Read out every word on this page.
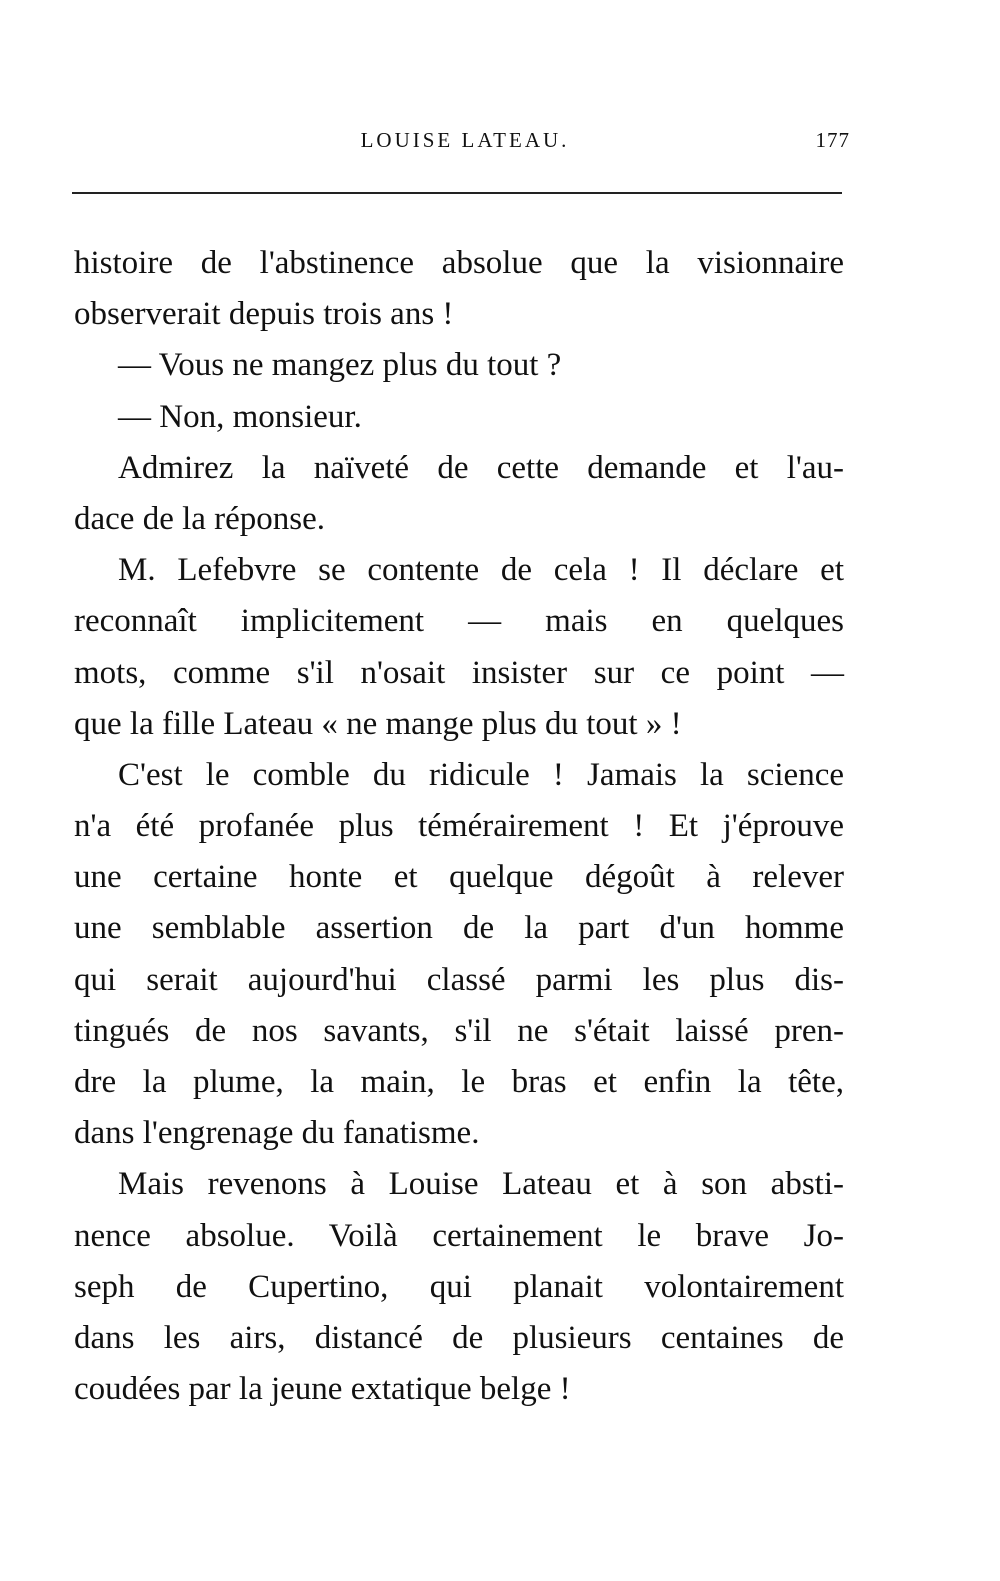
LOUISE LATEAU.	177
histoire de l'abstinence absolue que la visionnaire
observerait depuis trois ans !
— Vous ne mangez plus du tout ?
— Non, monsieur.
Admirez la naïveté de cette demande et l'au-
dace de la réponse.
M. Lefebvre se contente de cela ! Il déclare et
reconnaît implicitement — mais en quelques
mots, comme s'il n'osait insister sur ce point —
que la fille Lateau « ne mange plus du tout » !
C'est le comble du ridicule ! Jamais la science
n'a été profanée plus témérairement ! Et j'éprouve
une certaine honte et quelque dégoût à relever
une semblable assertion de la part d'un homme
qui serait aujourd'hui classé parmi les plus dis-
tingués de nos savants, s'il ne s'était laissé pren-
dre la plume, la main, le bras et enfin la tête,
dans l'engrenage du fanatisme.
Mais revenons à Louise Lateau et à son absti-
nence absolue. Voilà certainement le brave Jo-
seph de Cupertino, qui planait volontairement
dans les airs, distancé de plusieurs centaines de
coudées par la jeune extatique belge !
